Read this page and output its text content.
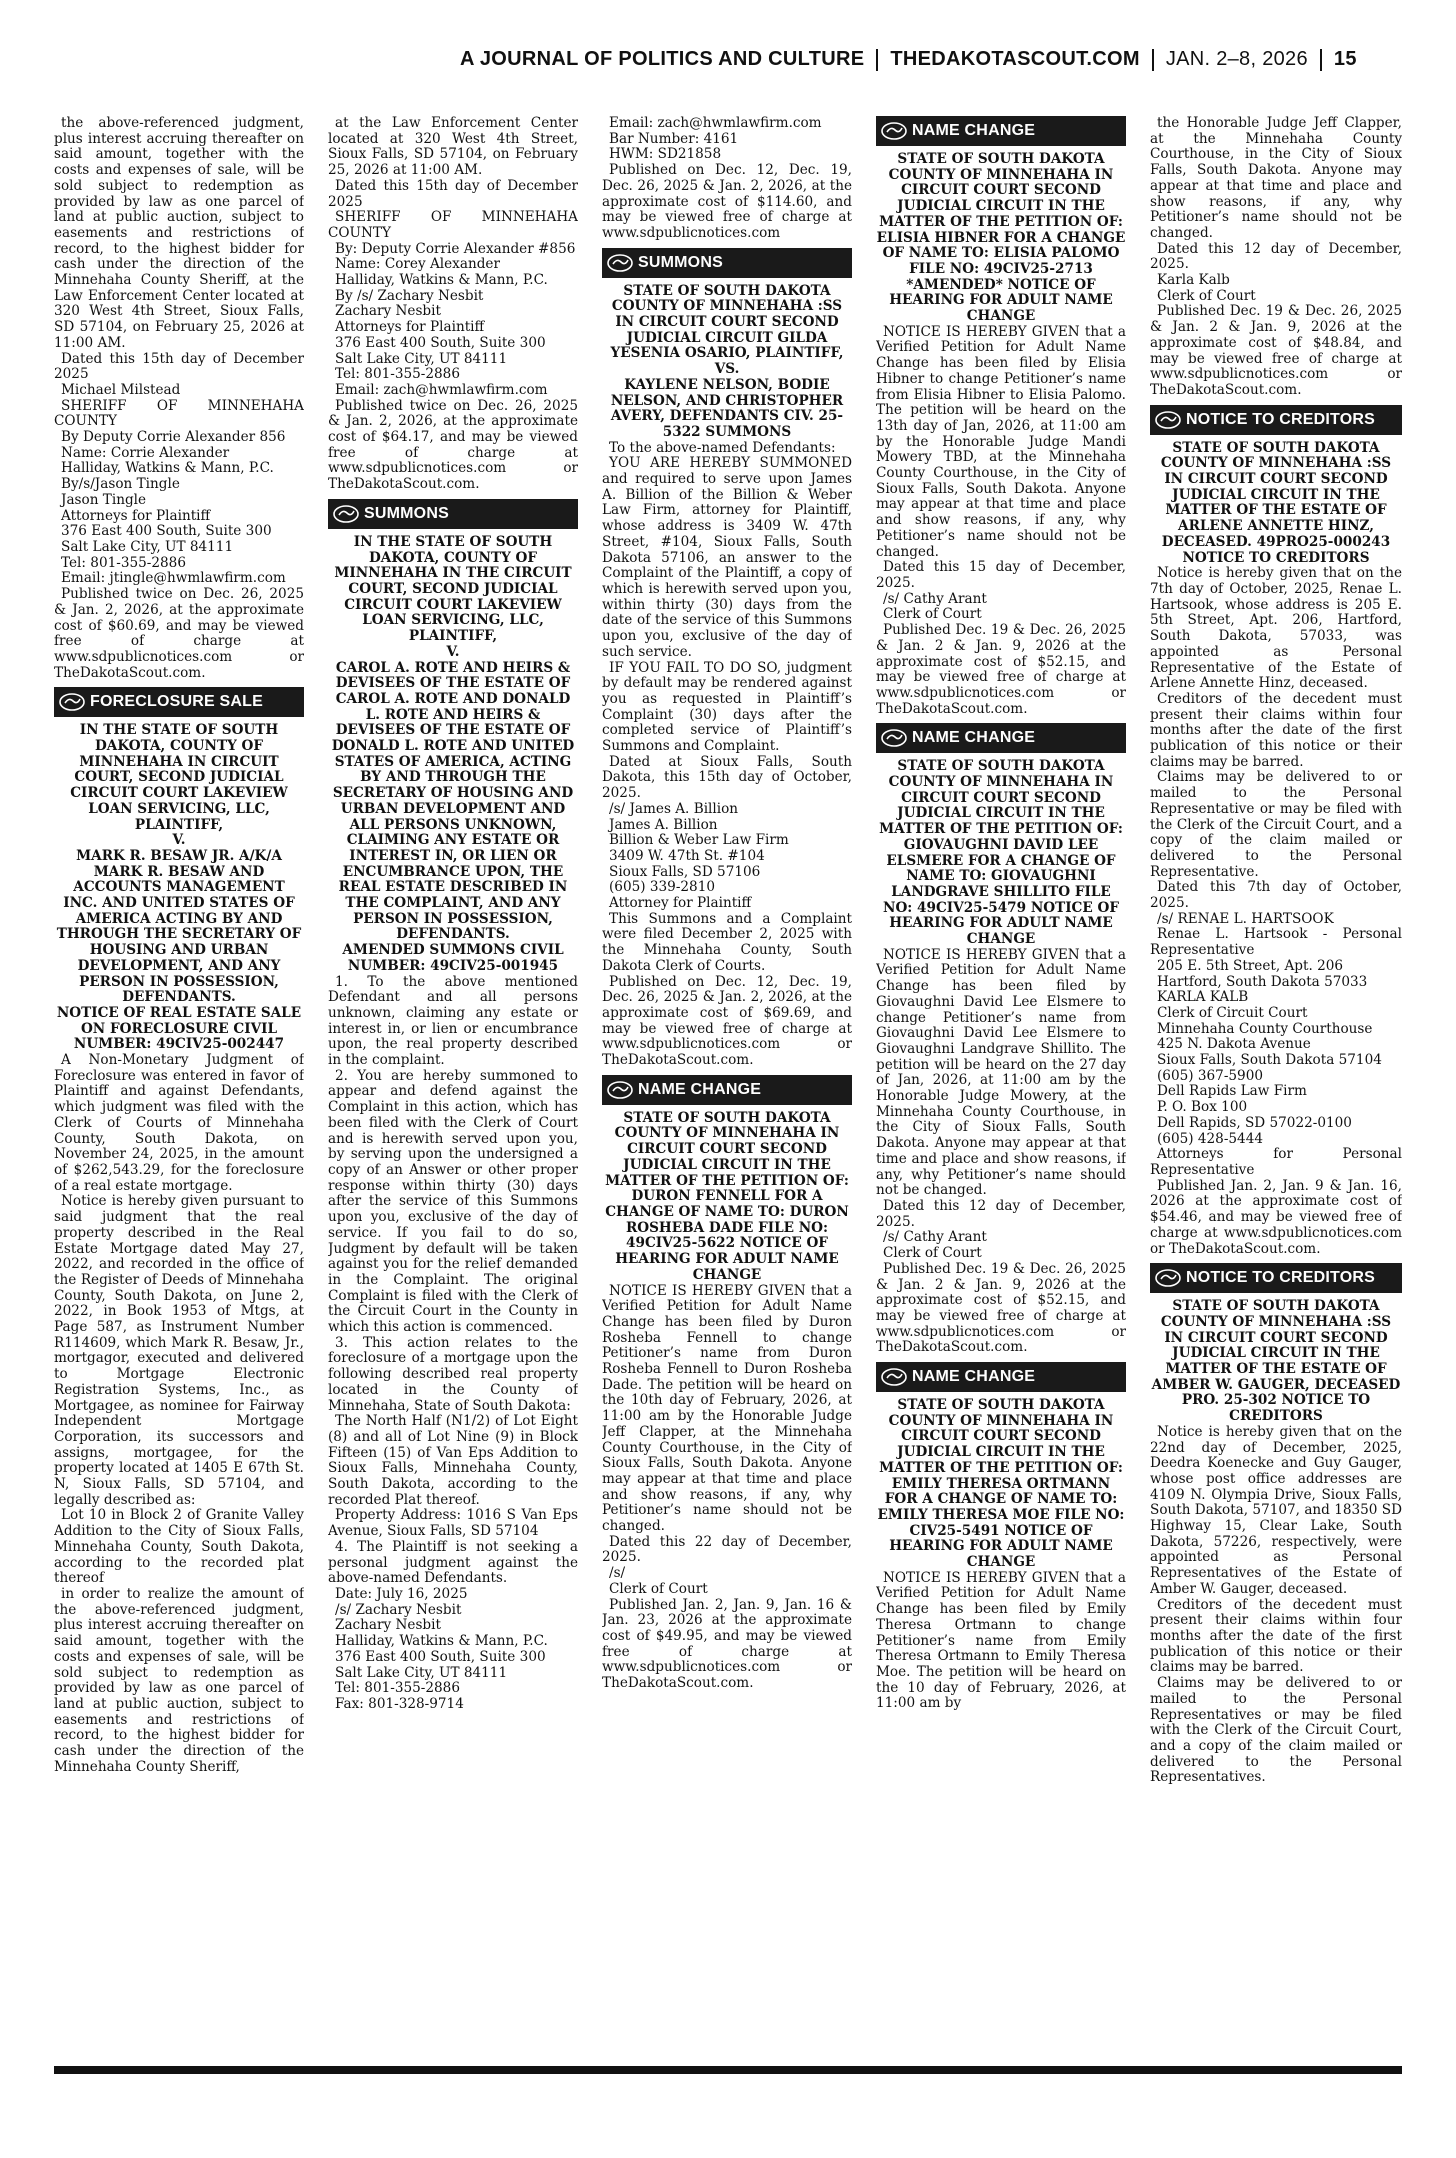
A JOURNAL OF POLITICS AND CULTURE THEDAKOTASCOUT.COM JAN. 2–8, 2026 15

the above-referenced judgment, plus interest accruing thereafter on said amount, together with the costs and expenses of sale, will be sold subject to redemption as provided by law as one parcel of land at public auction, subject to easements and restrictions of record, to the highest bidder for cash under the direction of the Minnehaha County Sheriff, at the Law Enforcement Center located at 320 West 4th Street, Sioux Falls, SD 57104, on February 25, 2026 at 11:00 AM.

Dated this 15th day of December 2025

Michael Milstead

SHERIFF OF MINNEHAHA COUNTY

By Deputy Corrie Alexander 856

Name: Corrie Alexander

Halliday, Watkins & Mann, P.C.

By/s/Jason Tingle

Jason Tingle

Attorneys for Plaintiff

376 East 400 South, Suite 300

Salt Lake City, UT 84111

Tel: 801-355-2886

Email: jtingle@hwmlawfirm.com

Published twice on Dec. 26, 2025 & Jan. 2, 2026, at the approximate cost of $60.69, and may be viewed free of charge at www.sdpublicnotices.com or TheDakotaScout.com.

FORECLOSURE SALE

IN THE STATE OF SOUTH DAKOTA, COUNTY OF MINNEHAHA IN CIRCUIT COURT, SECOND JUDICIAL CIRCUIT COURT LAKEVIEW LOAN SERVICING, LLC, PLAINTIFF,

V.

MARK R. BESAW JR. A/K/A MARK R. BESAW AND ACCOUNTS MANAGEMENT INC. AND UNITED STATES OF AMERICA ACTING BY AND THROUGH THE SECRETARY OF HOUSING AND URBAN DEVELOPMENT, AND ANY PERSON IN POSSESSION, DEFENDANTS.

NOTICE OF REAL ESTATE SALE ON FORECLOSURE CIVIL NUMBER: 49CIV25-002447

A Non-Monetary Judgment of Foreclosure was entered in favor of Plaintiff and against Defendants, which judgment was filed with the Clerk of Courts of Minnehaha County, South Dakota, on November 24, 2025, in the amount of $262,543.29, for the foreclosure of a real estate mortgage.

Notice is hereby given pursuant to said judgment that the real property described in the Real Estate Mortgage dated May 27, 2022, and recorded in the office of the Register of Deeds of Minnehaha County, South Dakota, on June 2, 2022, in Book 1953 of Mtgs, at Page 587, as Instrument Number R114609, which Mark R. Besaw, Jr., mortgagor, executed and delivered to Mortgage Electronic Registration Systems, Inc., as Mortgagee, as nominee for Fairway Independent Mortgage Corporation, its successors and assigns, mortgagee, for the property located at 1405 E 67th St. N, Sioux Falls, SD 57104, and legally described as:

Lot 10 in Block 2 of Granite Valley Addition to the City of Sioux Falls, Minnehaha County, South Dakota, according to the recorded plat thereof

in order to realize the amount of the above-referenced judgment, plus interest accruing thereafter on said amount, together with the costs and expenses of sale, will be sold subject to redemption as provided by law as one parcel of land at public auction, subject to easements and restrictions of record, to the highest bidder for cash under the direction of the Minnehaha County Sheriff,

at the Law Enforcement Center located at 320 West 4th Street, Sioux Falls, SD 57104, on February 25, 2026 at 11:00 AM.

Dated this 15th day of December 2025

SHERIFF OF MINNEHAHA COUNTY

By: Deputy Corrie Alexander #856

Name: Corey Alexander

Halliday, Watkins & Mann, P.C.

By /s/ Zachary Nesbit

Zachary Nesbit

Attorneys for Plaintiff

376 East 400 South, Suite 300

Salt Lake City, UT 84111

Tel: 801-355-2886

Email: zach@hwmlawfirm.com

Published twice on Dec. 26, 2025 & Jan. 2, 2026, at the approximate cost of $64.17, and may be viewed free of charge at www.sdpublicnotices.com or TheDakotaScout.com.

SUMMONS

IN THE STATE OF SOUTH DAKOTA, COUNTY OF MINNEHAHA IN THE CIRCUIT COURT, SECOND JUDICIAL CIRCUIT COURT LAKEVIEW LOAN SERVICING, LLC, PLAINTIFF,

V.

CAROL A. ROTE AND HEIRS & DEVISEES OF THE ESTATE OF CAROL A. ROTE AND DONALD L. ROTE AND HEIRS & DEVISEES OF THE ESTATE OF DONALD L. ROTE AND UNITED STATES OF AMERICA, ACTING BY AND THROUGH THE SECRETARY OF HOUSING AND URBAN DEVELOPMENT AND ALL PERSONS UNKNOWN, CLAIMING ANY ESTATE OR INTEREST IN, OR LIEN OR ENCUMBRANCE UPON, THE REAL ESTATE DESCRIBED IN THE COMPLAINT, AND ANY PERSON IN POSSESSION, DEFENDANTS.

AMENDED SUMMONS CIVIL NUMBER: 49CIV25-001945

1. To the above mentioned Defendant and all persons unknown, claiming any estate or interest in, or lien or encumbrance upon, the real property described in the complaint.

2. You are hereby summoned to appear and defend against the Complaint in this action, which has been filed with the Clerk of Court and is herewith served upon you, by serving upon the undersigned a copy of an Answer or other proper response within thirty (30) days after the service of this Summons upon you, exclusive of the day of service. If you fail to do so, Judgment by default will be taken against you for the relief demanded in the Complaint. The original Complaint is filed with the Clerk of the Circuit Court in the County in which this action is commenced.

3. This action relates to the foreclosure of a mortgage upon the following described real property located in the County of Minnehaha, State of South Dakota:

The North Half (N1/2) of Lot Eight (8) and all of Lot Nine (9) in Block Fifteen (15) of Van Eps Addition to Sioux Falls, Minnehaha County, South Dakota, according to the recorded Plat thereof.

Property Address: 1016 S Van Eps Avenue, Sioux Falls, SD 57104

4. The Plaintiff is not seeking a personal judgment against the above-named Defendants.

Date: July 16, 2025

/s/ Zachary Nesbit

Zachary Nesbit

Halliday, Watkins & Mann, P.C.

376 East 400 South, Suite 300

Salt Lake City, UT 84111

Tel: 801-355-2886

Fax: 801-328-9714

Email: zach@hwmlawfirm.com

Bar Number: 4161

HWM: SD21858

Published on Dec. 12, Dec. 19, Dec. 26, 2025 & Jan. 2, 2026, at the approximate cost of $114.60, and may be viewed free of charge at www.sdpublicnotices.com

SUMMONS

STATE OF SOUTH DAKOTA COUNTY OF MINNEHAHA :SS IN CIRCUIT COURT SECOND JUDICIAL CIRCUIT GILDA YESENIA OSARIO, PLAINTIFF,

VS.

KAYLENE NELSON, BODIE NELSON, AND CHRISTOPHER AVERY, DEFENDANTS CIV. 25-5322 SUMMONS

To the above-named Defendants:

YOU ARE HEREBY SUMMONED and required to serve upon James A. Billion of the Billion & Weber Law Firm, attorney for Plaintiff, whose address is 3409 W. 47th Street, #104, Sioux Falls, South Dakota 57106, an answer to the Complaint of the Plaintiff, a copy of which is herewith served upon you, within thirty (30) days from the date of the service of this Summons upon you, exclusive of the day of such service.

IF YOU FAIL TO DO SO, judgment by default may be rendered against you as requested in Plaintiff’s Complaint (30) days after the completed service of Plaintiff’s Summons and Complaint.

Dated at Sioux Falls, South Dakota, this 15th day of October, 2025.

/s/ James A. Billion

James A. Billion

Billion & Weber Law Firm

3409 W. 47th St. #104

Sioux Falls, SD 57106

(605) 339-2810

Attorney for Plaintiff

This Summons and a Complaint were filed December 2, 2025 with the Minnehaha County, South Dakota Clerk of Courts.

Published on Dec. 12, Dec. 19, Dec. 26, 2025 & Jan. 2, 2026, at the approximate cost of $69.69, and may be viewed free of charge at www.sdpublicnotices.com or TheDakotaScout.com.

NAME CHANGE

STATE OF SOUTH DAKOTA COUNTY OF MINNEHAHA IN CIRCUIT COURT SECOND JUDICIAL CIRCUIT IN THE MATTER OF THE PETITION OF: DURON FENNELL FOR A CHANGE OF NAME TO: DURON ROSHEBA DADE FILE NO: 49CIV25-5622 NOTICE OF HEARING FOR ADULT NAME CHANGE

NOTICE IS HEREBY GIVEN that a Verified Petition for Adult Name Change has been filed by Duron Rosheba Fennell to change Petitioner’s name from Duron Rosheba Fennell to Duron Rosheba Dade. The petition will be heard on the 10th day of February, 2026, at 11:00 am by the Honorable Judge Jeff Clapper, at the Minnehaha County Courthouse, in the City of Sioux Falls, South Dakota. Anyone may appear at that time and place and show reasons, if any, why Petitioner’s name should not be changed.

Dated this 22 day of December, 2025.

/s/

Clerk of Court

Published Jan. 2, Jan. 9, Jan. 16 & Jan. 23, 2026 at the approximate cost of $49.95, and may be viewed free of charge at www.sdpublicnotices.com or TheDakotaScout.com.

NAME CHANGE

STATE OF SOUTH DAKOTA COUNTY OF MINNEHAHA IN CIRCUIT COURT SECOND JUDICIAL CIRCUIT IN THE MATTER OF THE PETITION OF: ELISIA HIBNER FOR A CHANGE OF NAME TO: ELISIA PALOMO FILE NO: 49CIV25-2713 *AMENDED* NOTICE OF HEARING FOR ADULT NAME CHANGE

NOTICE IS HEREBY GIVEN that a Verified Petition for Adult Name Change has been filed by Elisia Hibner to change Petitioner’s name from Elisia Hibner to Elisia Palomo. The petition will be heard on the 13th day of Jan, 2026, at 11:00 am by the Honorable Judge Mandi Mowery TBD, at the Minnehaha County Courthouse, in the City of Sioux Falls, South Dakota. Anyone may appear at that time and place and show reasons, if any, why Petitioner’s name should not be changed.

Dated this 15 day of December, 2025.

/s/ Cathy Arant

Clerk of Court

Published Dec. 19 & Dec. 26, 2025 & Jan. 2 & Jan. 9, 2026 at the approximate cost of $52.15, and may be viewed free of charge at www.sdpublicnotices.com or TheDakotaScout.com.

NAME CHANGE

STATE OF SOUTH DAKOTA COUNTY OF MINNEHAHA IN CIRCUIT COURT SECOND JUDICIAL CIRCUIT IN THE MATTER OF THE PETITION OF: GIOVAUGHNI DAVID LEE ELSMERE FOR A CHANGE OF NAME TO: GIOVAUGHNI LANDGRAVE SHILLITO FILE NO: 49CIV25-5479 NOTICE OF HEARING FOR ADULT NAME CHANGE

NOTICE IS HEREBY GIVEN that a Verified Petition for Adult Name Change has been filed by Giovaughni David Lee Elsmere to change Petitioner’s name from Giovaughni David Lee Elsmere to Giovaughni Landgrave Shillito. The petition will be heard on the 27 day of Jan, 2026, at 11:00 am by the Honorable Judge Mowery, at the Minnehaha County Courthouse, in the City of Sioux Falls, South Dakota. Anyone may appear at that time and place and show reasons, if any, why Petitioner’s name should not be changed.

Dated this 12 day of December, 2025.

/s/ Cathy Arant

Clerk of Court

Published Dec. 19 & Dec. 26, 2025 & Jan. 2 & Jan. 9, 2026 at the approximate cost of $52.15, and may be viewed free of charge at www.sdpublicnotices.com or TheDakotaScout.com.

NAME CHANGE

STATE OF SOUTH DAKOTA COUNTY OF MINNEHAHA IN CIRCUIT COURT SECOND JUDICIAL CIRCUIT IN THE MATTER OF THE PETITION OF: EMILY THERESA ORTMANN FOR A CHANGE OF NAME TO: EMILY THERESA MOE FILE NO: CIV25-5491 NOTICE OF HEARING FOR ADULT NAME CHANGE

NOTICE IS HEREBY GIVEN that a Verified Petition for Adult Name Change has been filed by Emily Theresa Ortmann to change Petitioner’s name from Emily Theresa Ortmann to Emily Theresa Moe. The petition will be heard on the 10 day of February, 2026, at 11:00 am by

the Honorable Judge Jeff Clapper, at the Minnehaha County Courthouse, in the City of Sioux Falls, South Dakota. Anyone may appear at that time and place and show reasons, if any, why Petitioner’s name should not be changed.

Dated this 12 day of December, 2025.

Karla Kalb

Clerk of Court

Published Dec. 19 & Dec. 26, 2025 & Jan. 2 & Jan. 9, 2026 at the approximate cost of $48.84, and may be viewed free of charge at www.sdpublicnotices.com or TheDakotaScout.com.

NOTICE TO CREDITORS

STATE OF SOUTH DAKOTA COUNTY OF MINNEHAHA :SS IN CIRCUIT COURT SECOND JUDICIAL CIRCUIT IN THE MATTER OF THE ESTATE OF ARLENE ANNETTE HINZ, DECEASED. 49PRO25-000243 NOTICE TO CREDITORS

Notice is hereby given that on the 7th day of October, 2025, Renae L. Hartsook, whose address is 205 E. 5th Street, Apt. 206, Hartford, South Dakota, 57033, was appointed as Personal Representative of the Estate of Arlene Annette Hinz, deceased.

Creditors of the decedent must present their claims within four months after the date of the first publication of this notice or their claims may be barred.

Claims may be delivered to or mailed to the Personal Representative or may be filed with the Clerk of the Circuit Court, and a copy of the claim mailed or delivered to the Personal Representative.

Dated this 7th day of October, 2025.

/s/ RENAE L. HARTSOOK

Renae L. Hartsook - Personal Representative

205 E. 5th Street, Apt. 206

Hartford, South Dakota 57033

KARLA KALB

Clerk of Circuit Court

Minnehaha County Courthouse

425 N. Dakota Avenue

Sioux Falls, South Dakota 57104

(605) 367-5900

Dell Rapids Law Firm

P. O. Box 100

Dell Rapids, SD 57022-0100

(605) 428-5444

Attorneys for Personal Representative

Published Jan. 2, Jan. 9 & Jan. 16, 2026 at the approximate cost of $54.46, and may be viewed free of charge at www.sdpublicnotices.com or TheDakotaScout.com.

NOTICE TO CREDITORS

STATE OF SOUTH DAKOTA COUNTY OF MINNEHAHA :SS IN CIRCUIT COURT SECOND JUDICIAL CIRCUIT IN THE MATTER OF THE ESTATE OF AMBER W. GAUGER, DECEASED PRO. 25-302 NOTICE TO CREDITORS

Notice is hereby given that on the 22nd day of December, 2025, Deedra Koenecke and Guy Gauger, whose post office addresses are 4109 N. Olympia Drive, Sioux Falls, South Dakota, 57107, and 18350 SD Highway 15, Clear Lake, South Dakota, 57226, respectively, were appointed as Personal Representatives of the Estate of Amber W. Gauger, deceased.

Creditors of the decedent must present their claims within four months after the date of the first publication of this notice or their claims may be barred.

Claims may be delivered to or mailed to the Personal Representatives or may be filed with the Clerk of the Circuit Court, and a copy of the claim mailed or delivered to the Personal Representatives.
